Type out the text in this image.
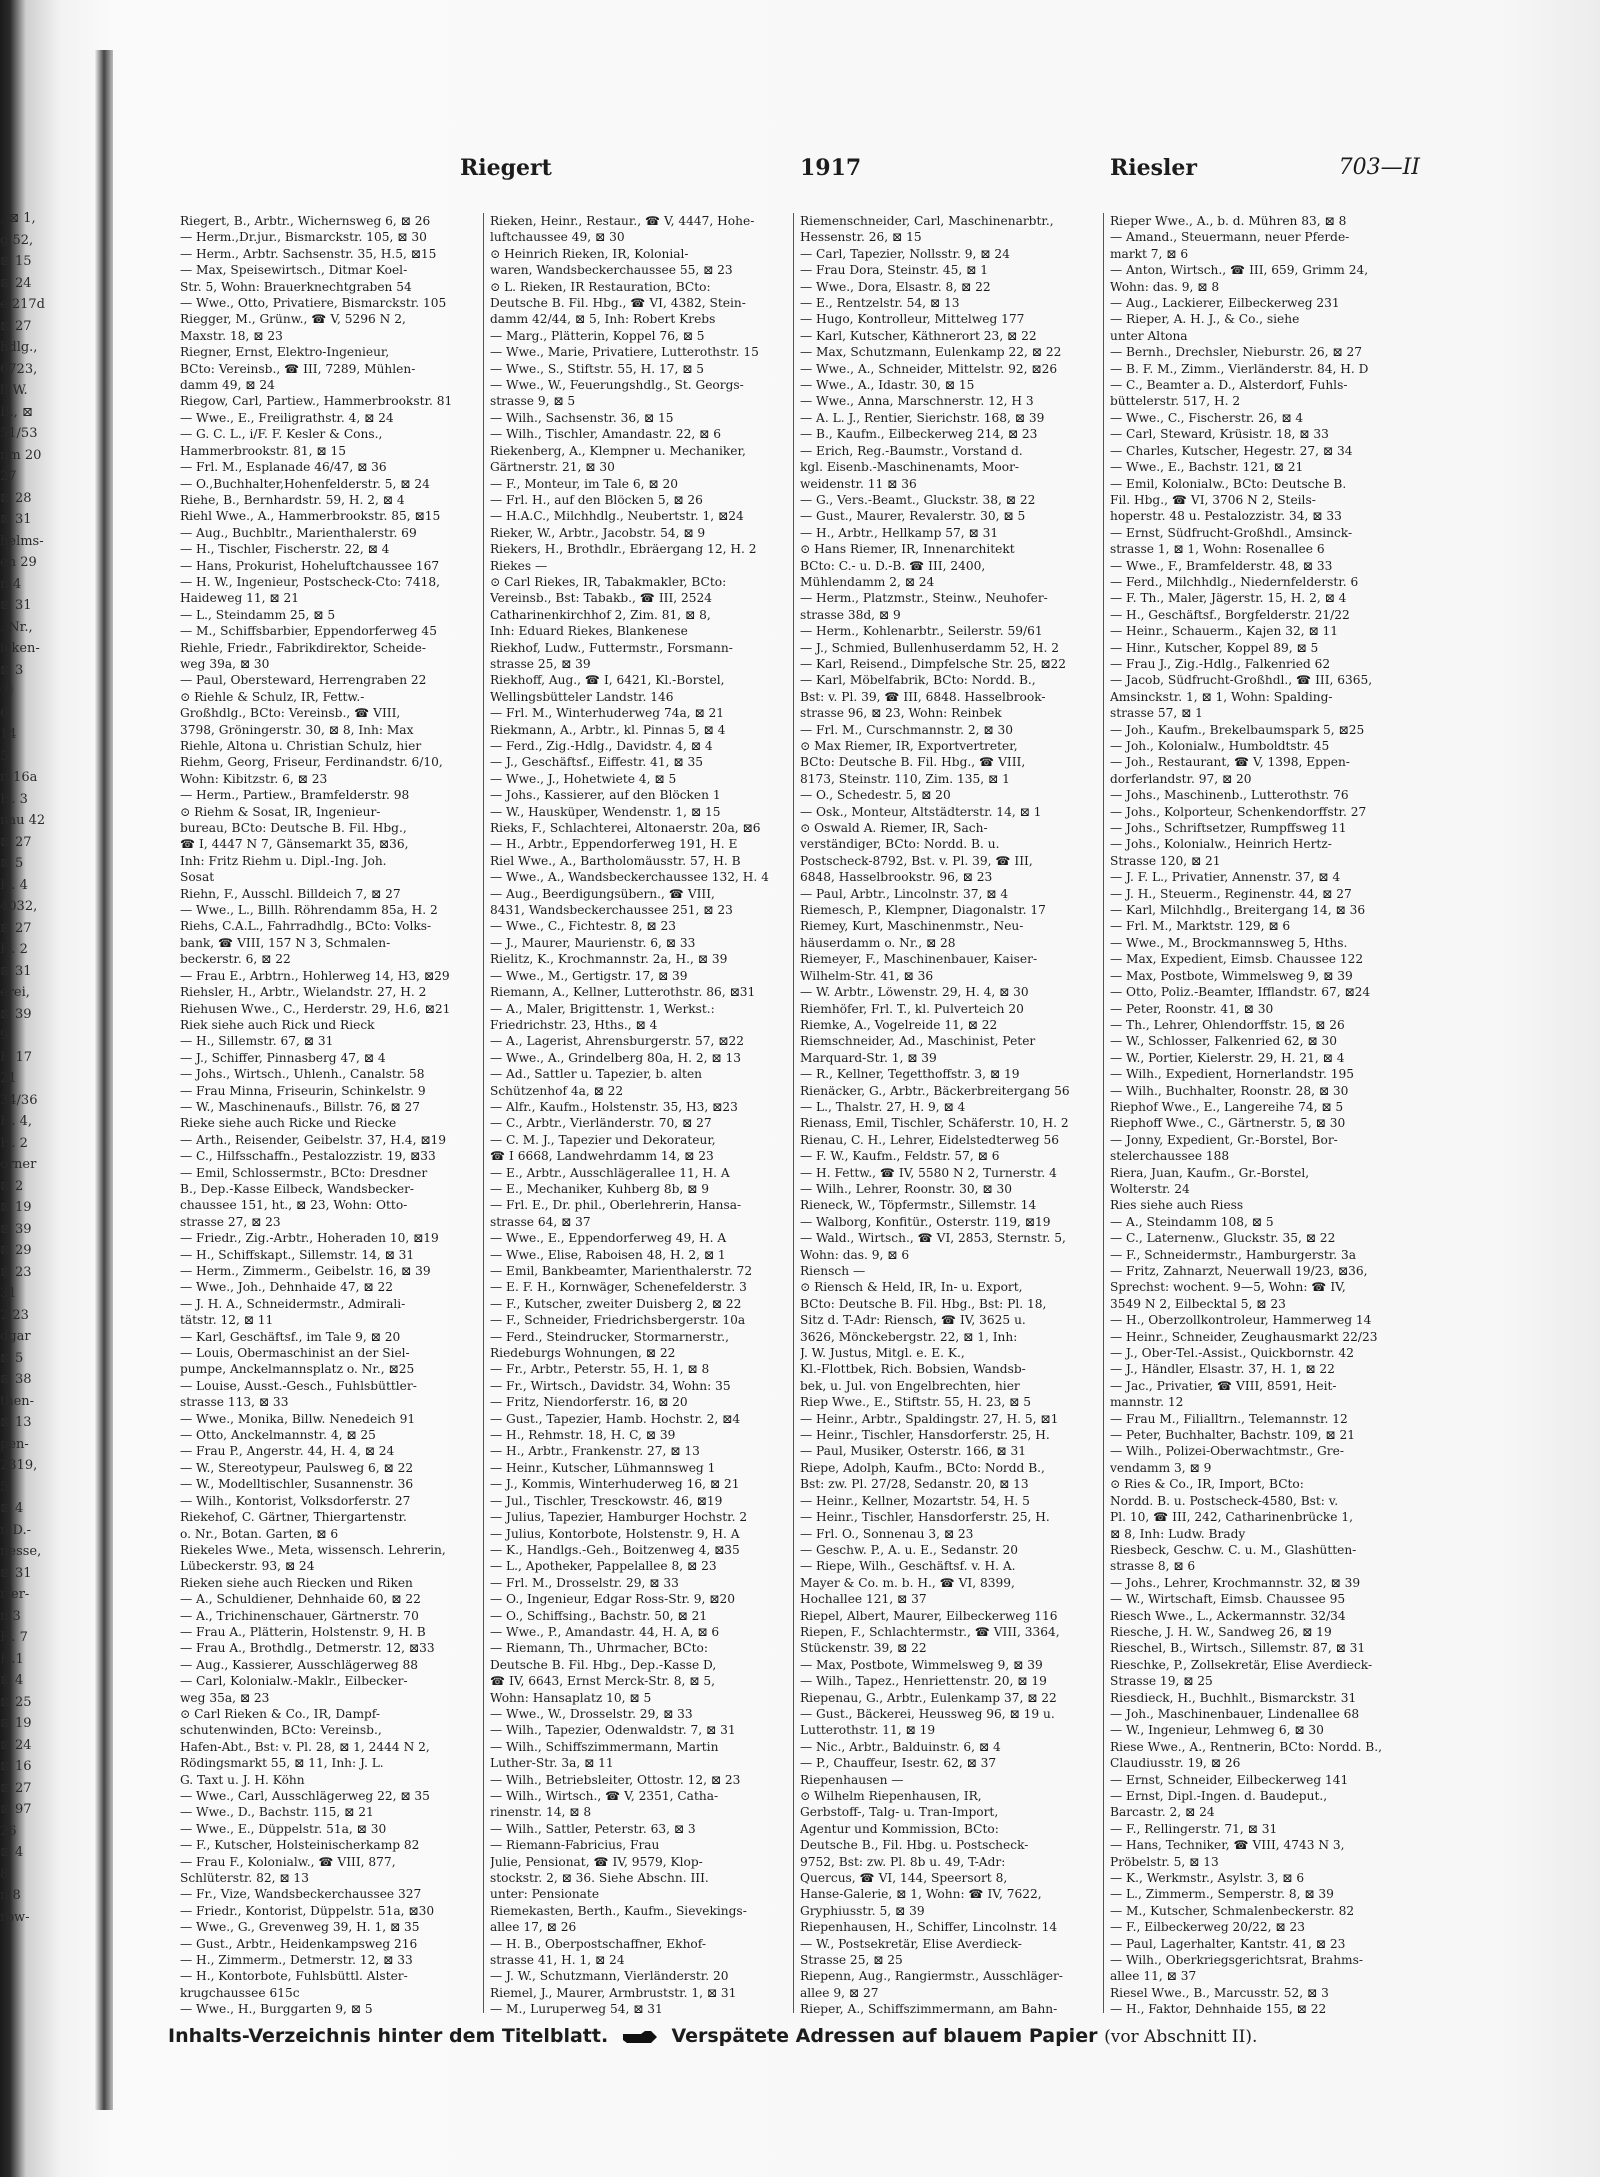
, ⊠ 1,
g 52,
⊠ 15
⊠ 24
e 217d
⊠ 27
hdlg.,
6723,
ll W.
B., ⊠
51/53
nm 20
27
⊠ 28
⊠ 31
helms-
en 29
r. 4
⊠ 31
. Nr.,
icken-
⊠ 3
ⓔ
6
14
5
r. 16a
H. 3
nau 42
⊠ 27
⊠ 5
H. 4
4032,
⊠ 27
H. 2
⊠ 31
erei,
⊠ 39
9
H 17
21
34/36
H. 4,
H. 2
orner
⊠ 2
⊠ 19
⊠ 39
⊠ 29
⊠ 23
31
2 23
dgar
⊠ 5
⊠ 38
then-
⊠ 13
pen-
2319,
5
⊠ 4
n D.-
nesse,
⊠ 31
rfer-
n 3
H. 7
H.1
⊠ 4
⊠ 25
⊠ 19
⊠ 24
⊠ 16
⊠ 27
⊠ 97
26
⊠ 4
8
n 8
row-
Riegert	1917	Riesler	703—II
Riegert, B., Arbtr., Wichernsweg 6, ⊠ 26
— Herm.,Dr.jur., Bismarckstr. 105, ⊠ 30
— Herm., Arbtr. Sachsenstr. 35, H.5, ⊠15
— Max, Speisewirtsch., Ditmar Koel-
Str. 5, Wohn: Brauerknechtgraben 54
— Wwe., Otto, Privatiere, Bismarckstr. 105
Riegger, M., Grünw., ☎ V, 5296 N 2,
Maxstr. 18, ⊠ 23
Riegner, Ernst, Elektro-Ingenieur,
BCto: Vereinsb., ☎ III, 7289, Mühlen-
damm 49, ⊠ 24
Riegow, Carl, Partiew., Hammerbrookstr. 81
— Wwe., E., Freiligrathstr. 4, ⊠ 24
— G. C. L., i/F. F. Kesler & Cons.,
Hammerbrookstr. 81, ⊠ 15
— Frl. M., Esplanade 46/47, ⊠ 36
— O.,Buchhalter,Hohenfelderstr. 5, ⊠ 24
Riehe, B., Bernhardstr. 59, H. 2, ⊠ 4
Riehl Wwe., A., Hammerbrookstr. 85, ⊠15
— Aug., Buchbltr., Marienthalerstr. 69
— H., Tischler, Fischerstr. 22, ⊠ 4
— Hans, Prokurist, Hoheluftchaussee 167
— H. W., Ingenieur, Postscheck-Cto: 7418,
Haideweg 11, ⊠ 21
— L., Steindamm 25, ⊠ 5
— M., Schiffsbarbier, Eppendorferweg 45
Riehle, Friedr., Fabrikdirektor, Scheide-
weg 39a, ⊠ 30
— Paul, Obersteward, Herrengraben 22
⊙ Riehle & Schulz, IR, Fettw.-
Großhdlg., BCto: Vereinsb., ☎ VIII,
3798, Gröningerstr. 30, ⊠ 8, Inh: Max
Riehle, Altona u. Christian Schulz, hier
Riehm, Georg, Friseur, Ferdinandstr. 6/10,
Wohn: Kibitzstr. 6, ⊠ 23
— Herm., Partiew., Bramfelderstr. 98
⊙ Riehm & Sosat, IR, Ingenieur-
bureau, BCto: Deutsche B. Fil. Hbg.,
☎ I, 4447 N 7, Gänsemarkt 35, ⊠36,
Inh: Fritz Riehm u. Dipl.-Ing. Joh.
Sosat
Riehn, F., Ausschl. Billdeich 7, ⊠ 27
— Wwe., L., Billh. Röhrendamm 85a, H. 2
Riehs, C.A.L., Fahrradhdlg., BCto: Volks-
bank, ☎ VIII, 157 N 3, Schmalen-
beckerstr. 6, ⊠ 22
— Frau E., Arbtrn., Hohlerweg 14, H3, ⊠29
Riehsler, H., Arbtr., Wielandstr. 27, H. 2
Riehusen Wwe., C., Herderstr. 29, H.6, ⊠21
Riek siehe auch Rick und Rieck
— H., Sillemstr. 67, ⊠ 31
— J., Schiffer, Pinnasberg 47, ⊠ 4
— Johs., Wirtsch., Uhlenh., Canalstr. 58
— Frau Minna, Friseurin, Schinkelstr. 9
— W., Maschinenaufs., Billstr. 76, ⊠ 27
Rieke siehe auch Ricke und Riecke
— Arth., Reisender, Geibelstr. 37, H.4, ⊠19
— C., Hilfsschaffn., Pestalozzistr. 19, ⊠33
— Emil, Schlossermstr., BCto: Dresdner
B., Dep.-Kasse Eilbeck, Wandsbecker-
chaussee 151, ht., ⊠ 23, Wohn: Otto-
strasse 27, ⊠ 23
— Friedr., Zig.-Arbtr., Hoheraden 10, ⊠19
— H., Schiffskapt., Sillemstr. 14, ⊠ 31
— Herm., Zimmerm., Geibelstr. 16, ⊠ 39
— Wwe., Joh., Dehnhaide 47, ⊠ 22
— J. H. A., Schneidermstr., Admirali-
tätstr. 12, ⊠ 11
— Karl, Geschäftsf., im Tale 9, ⊠ 20
— Louis, Obermaschinist an der Siel-
pumpe, Anckelmannsplatz o. Nr., ⊠25
— Louise, Ausst.-Gesch., Fuhlsbüttler-
strasse 113, ⊠ 33
— Wwe., Monika, Billw. Nenedeich 91
— Otto, Anckelmannstr. 4, ⊠ 25
— Frau P., Angerstr. 44, H. 4, ⊠ 24
— W., Stereotypeur, Paulsweg 6, ⊠ 22
— W., Modelltischler, Susannenstr. 36
— Wilh., Kontorist, Volksdorferstr. 27
Riekehof, C. Gärtner, Thiergartenstr.
o. Nr., Botan. Garten, ⊠ 6
Riekeles Wwe., Meta, wissensch. Lehrerin,
Lübeckerstr. 93, ⊠ 24
Rieken siehe auch Riecken und Riken
— A., Schuldiener, Dehnhaide 60, ⊠ 22
— A., Trichinenschauer, Gärtnerstr. 70
— Frau A., Plätterin, Holstenstr. 9, H. B
— Frau A., Brothdlg., Detmerstr. 12, ⊠33
— Aug., Kassierer, Ausschlägerweg 88
— Carl, Kolonialw.-Maklr., Eilbecker-
weg 35a, ⊠ 23
⊙ Carl Rieken & Co., IR, Dampf-
schutenwinden, BCto: Vereinsb.,
Hafen-Abt., Bst: v. Pl. 28, ⊠ 1, 2444 N 2,
Rödingsmarkt 55, ⊠ 11, Inh: J. L.
G. Taxt u. J. H. Köhn
— Wwe., Carl, Ausschlägerweg 22, ⊠ 35
— Wwe., D., Bachstr. 115, ⊠ 21
— Wwe., E., Düppelstr. 51a, ⊠ 30
— F., Kutscher, Holsteinischerkamp 82
— Frau F., Kolonialw., ☎ VIII, 877,
Schlüterstr. 82, ⊠ 13
— Fr., Vize, Wandsbeckerchaussee 327
— Friedr., Kontorist, Düppelstr. 51a, ⊠30
— Wwe., G., Grevenweg 39, H. 1, ⊠ 35
— Gust., Arbtr., Heidenkampsweg 216
— H., Zimmerm., Detmerstr. 12, ⊠ 33
— H., Kontorbote, Fuhlsbüttl. Alster-
krugchaussee 615c
— Wwe., H., Burggarten 9, ⊠ 5
Rieken, Heinr., Restaur., ☎ V, 4447, Hohe-
luftchaussee 49, ⊠ 30
⊙ Heinrich Rieken, IR, Kolonial-
waren, Wandsbeckerchaussee 55, ⊠ 23
⊙ L. Rieken, IR Restauration, BCto:
Deutsche B. Fil. Hbg., ☎ VI, 4382, Stein-
damm 42/44, ⊠ 5, Inh: Robert Krebs
— Marg., Plätterin, Koppel 76, ⊠ 5
— Wwe., Marie, Privatiere, Lutterothstr. 15
— Wwe., S., Stiftstr. 55, H. 17, ⊠ 5
— Wwe., W., Feuerungshdlg., St. Georgs-
strasse 9, ⊠ 5
— Wilh., Sachsenstr. 36, ⊠ 15
— Wilh., Tischler, Amandastr. 22, ⊠ 6
Riekenberg, A., Klempner u. Mechaniker,
Gärtnerstr. 21, ⊠ 30
— F., Monteur, im Tale 6, ⊠ 20
— Frl. H., auf den Blöcken 5, ⊠ 26
— H.A.C., Milchhdlg., Neubertstr. 1, ⊠24
Rieker, W., Arbtr., Jacobstr. 54, ⊠ 9
Riekers, H., Brothdlr., Ebräergang 12, H. 2
Riekes —
⊙ Carl Riekes, IR, Tabakmakler, BCto:
Vereinsb., Bst: Tabakb., ☎ III, 2524
Catharinenkirchhof 2, Zim. 81, ⊠ 8,
Inh: Eduard Riekes, Blankenese
Riekhof, Ludw., Futtermstr., Forsmann-
strasse 25, ⊠ 39
Riekhoff, Aug., ☎ I, 6421, Kl.-Borstel,
Wellingsbütteler Landstr. 146
— Frl. M., Winterhuderweg 74a, ⊠ 21
Riekmann, A., Arbtr., kl. Pinnas 5, ⊠ 4
— Ferd., Zig.-Hdlg., Davidstr. 4, ⊠ 4
— J., Geschäftsf., Eiffestr. 41, ⊠ 35
— Wwe., J., Hohetwiete 4, ⊠ 5
— Johs., Kassierer, auf den Blöcken 1
— W., Hausküper, Wendenstr. 1, ⊠ 15
Rieks, F., Schlachterei, Altonaerstr. 20a, ⊠6
— H., Arbtr., Eppendorferweg 191, H. E
Riel Wwe., A., Bartholomäusstr. 57, H. B
— Wwe., A., Wandsbeckerchaussee 132, H. 4
— Aug., Beerdigungsübern., ☎ VIII,
8431, Wandsbeckerchaussee 251, ⊠ 23
— Wwe., C., Fichtestr. 8, ⊠ 23
— J., Maurer, Maurienstr. 6, ⊠ 33
Rielitz, K., Krochmannstr. 2a, H., ⊠ 39
— Wwe., M., Gertigstr. 17, ⊠ 39
Riemann, A., Kellner, Lutterothstr. 86, ⊠31
— A., Maler, Brigittenstr. 1, Werkst.:
Friedrichstr. 23, Hths., ⊠ 4
— A., Lagerist, Ahrensburgerstr. 57, ⊠22
— Wwe., A., Grindelberg 80a, H. 2, ⊠ 13
— Ad., Sattler u. Tapezier, b. alten
Schützenhof 4a, ⊠ 22
— Alfr., Kaufm., Holstenstr. 35, H3, ⊠23
— C., Arbtr., Vierländerstr. 70, ⊠ 27
— C. M. J., Tapezier und Dekorateur,
☎ I 6668, Landwehrdamm 14, ⊠ 23
— E., Arbtr., Ausschlägerallee 11, H. A
— E., Mechaniker, Kuhberg 8b, ⊠ 9
— Frl. E., Dr. phil., Oberlehrerin, Hansa-
strasse 64, ⊠ 37
— Wwe., E., Eppendorferweg 49, H. A
— Wwe., Elise, Raboisen 48, H. 2, ⊠ 1
— Emil, Bankbeamter, Marienthalerstr. 72
— E. F. H., Kornwäger, Schenefelderstr. 3
— F., Kutscher, zweiter Duisberg 2, ⊠ 22
— F., Schneider, Friedrichsbergerstr. 10a
— Ferd., Steindrucker, Stormarnerstr.,
Riedeburgs Wohnungen, ⊠ 22
— Fr., Arbtr., Peterstr. 55, H. 1, ⊠ 8
— Fr., Wirtsch., Davidstr. 34, Wohn: 35
— Fritz, Niendorferstr. 16, ⊠ 20
— Gust., Tapezier, Hamb. Hochstr. 2, ⊠4
— H., Rehmstr. 18, H. C, ⊠ 39
— H., Arbtr., Frankenstr. 27, ⊠ 13
— Heinr., Kutscher, Lühmannsweg 1
— J., Kommis, Winterhuderweg 16, ⊠ 21
— Jul., Tischler, Tresckowstr. 46, ⊠19
— Julius, Tapezier, Hamburger Hochstr. 2
— Julius, Kontorbote, Holstenstr. 9, H. A
— K., Handlgs.-Geh., Boitzenweg 4, ⊠35
— L., Apotheker, Pappelallee 8, ⊠ 23
— Frl. M., Drosselstr. 29, ⊠ 33
— O., Ingenieur, Edgar Ross-Str. 9, ⊠20
— O., Schiffsing., Bachstr. 50, ⊠ 21
— Wwe., P., Amandastr. 44, H. A, ⊠ 6
— Riemann, Th., Uhrmacher, BCto:
Deutsche B. Fil. Hbg., Dep.-Kasse D,
☎ IV, 6643, Ernst Merck-Str. 8, ⊠ 5,
Wohn: Hansaplatz 10, ⊠ 5
— Wwe., W., Drosselstr. 29, ⊠ 33
— Wilh., Tapezier, Odenwaldstr. 7, ⊠ 31
— Wilh., Schiffszimmermann, Martin
Luther-Str. 3a, ⊠ 11
— Wilh., Betriebsleiter, Ottostr. 12, ⊠ 23
— Wilh., Wirtsch., ☎ V, 2351, Catha-
rinenstr. 14, ⊠ 8
— Wilh., Sattler, Peterstr. 63, ⊠ 3
— Riemann-Fabricius, Frau
Julie, Pensionat, ☎ IV, 9579, Klop-
stockstr. 2, ⊠ 36. Siehe Abschn. III.
unter: Pensionate
Riemekasten, Berth., Kaufm., Sievekings-
allee 17, ⊠ 26
— H. B., Oberpostschaffner, Ekhof-
strasse 41, H. 1, ⊠ 24
— J. W., Schutzmann, Vierländerstr. 20
Riemel, J., Maurer, Armbruststr. 1, ⊠ 31
— M., Luruperweg 54, ⊠ 31
Riemenschneider, Carl, Maschinenarbtr.,
Hessenstr. 26, ⊠ 15
— Carl, Tapezier, Nollsstr. 9, ⊠ 24
— Frau Dora, Steinstr. 45, ⊠ 1
— Wwe., Dora, Elsastr. 8, ⊠ 22
— E., Rentzelstr. 54, ⊠ 13
— Hugo, Kontrolleur, Mittelweg 177
— Karl, Kutscher, Käthnerort 23, ⊠ 22
— Max, Schutzmann, Eulenkamp 22, ⊠ 22
— Wwe., A., Schneider, Mittelstr. 92, ⊠26
— Wwe., A., Idastr. 30, ⊠ 15
— Wwe., Anna, Marschnerstr. 12, H 3
— A. L. J., Rentier, Sierichstr. 168, ⊠ 39
— B., Kaufm., Eilbeckerweg 214, ⊠ 23
— Erich, Reg.-Baumstr., Vorstand d.
kgl. Eisenb.-Maschinenamts, Moor-
weidenstr. 11 ⊠ 36
— G., Vers.-Beamt., Gluckstr. 38, ⊠ 22
— Gust., Maurer, Revalerstr. 30, ⊠ 5
— H., Arbtr., Hellkamp 57, ⊠ 31
⊙ Hans Riemer, IR, Innenarchitekt
BCto: C.- u. D.-B. ☎ III, 2400,
Mühlendamm 2, ⊠ 24
— Herm., Platzmstr., Steinw., Neuhofer-
strasse 38d, ⊠ 9
— Herm., Kohlenarbtr., Seilerstr. 59/61
— J., Schmied, Bullenhuserdamm 52, H. 2
— Karl, Reisend., Dimpfelsche Str. 25, ⊠22
— Karl, Möbelfabrik, BCto: Nordd. B.,
Bst: v. Pl. 39, ☎ III, 6848. Hasselbrook-
strasse 96, ⊠ 23, Wohn: Reinbek
— Frl. M., Curschmannstr. 2, ⊠ 30
⊙ Max Riemer, IR, Exportvertreter,
BCto: Deutsche B. Fil. Hbg., ☎ VIII,
8173, Steinstr. 110, Zim. 135, ⊠ 1
— O., Schedestr. 5, ⊠ 20
— Osk., Monteur, Altstädterstr. 14, ⊠ 1
⊙ Oswald A. Riemer, IR, Sach-
verständiger, BCto: Nordd. B. u.
Postscheck-8792, Bst. v. Pl. 39, ☎ III,
6848, Hasselbrookstr. 96, ⊠ 23
— Paul, Arbtr., Lincolnstr. 37, ⊠ 4
Riemesch, P., Klempner, Diagonalstr. 17
Riemey, Kurt, Maschinenmstr., Neu-
häuserdamm o. Nr., ⊠ 28
Riemeyer, F., Maschinenbauer, Kaiser-
Wilhelm-Str. 41, ⊠ 36
— W. Arbtr., Löwenstr. 29, H. 4, ⊠ 30
Riemhöfer, Frl. T., kl. Pulverteich 20
Riemke, A., Vogelreide 11, ⊠ 22
Riemschneider, Ad., Maschinist, Peter
Marquard-Str. 1, ⊠ 39
— R., Kellner, Tegetthoffstr. 3, ⊠ 19
Rienäcker, G., Arbtr., Bäckerbreitergang 56
— L., Thalstr. 27, H. 9, ⊠ 4
Rienass, Emil, Tischler, Schäferstr. 10, H. 2
Rienau, C. H., Lehrer, Eidelstedterweg 56
— F. W., Kaufm., Feldstr. 57, ⊠ 6
— H. Fettw., ☎ IV, 5580 N 2, Turnerstr. 4
— Wilh., Lehrer, Roonstr. 30, ⊠ 30
Rieneck, W., Töpfermstr., Sillemstr. 14
— Walborg, Konfitür., Osterstr. 119, ⊠19
— Wald., Wirtsch., ☎ VI, 2853, Sternstr. 5,
Wohn: das. 9, ⊠ 6
Riensch —
⊙ Riensch & Held, IR, In- u. Export,
BCto: Deutsche B. Fil. Hbg., Bst: Pl. 18,
Sitz d. T-Adr: Riensch, ☎ IV, 3625 u.
3626, Mönckebergstr. 22, ⊠ 1, Inh:
J. W. Justus, Mitgl. e. E. K.,
Kl.-Flottbek, Rich. Bobsien, Wandsb-
bek, u. Jul. von Engelbrechten, hier
Riep Wwe., E., Stiftstr. 55, H. 23, ⊠ 5
— Heinr., Arbtr., Spaldingstr. 27, H. 5, ⊠1
— Heinr., Tischler, Hansdorferstr. 25, H.
— Paul, Musiker, Osterstr. 166, ⊠ 31
Riepe, Adolph, Kaufm., BCto: Nordd B.,
Bst: zw. Pl. 27/28, Sedanstr. 20, ⊠ 13
— Heinr., Kellner, Mozartstr. 54, H. 5
— Heinr., Tischler, Hansdorferstr. 25, H.
— Frl. O., Sonnenau 3, ⊠ 23
— Geschw. P., A. u. E., Sedanstr. 20
— Riepe, Wilh., Geschäftsf. v. H. A.
Mayer & Co. m. b. H., ☎ VI, 8399,
Hochallee 121, ⊠ 37
Riepel, Albert, Maurer, Eilbeckerweg 116
Riepen, F., Schlachtermstr., ☎ VIII, 3364,
Stückenstr. 39, ⊠ 22
— Max, Postbote, Wimmelsweg 9, ⊠ 39
— Wilh., Tapez., Henriettenstr. 20, ⊠ 19
Riepenau, G., Arbtr., Eulenkamp 37, ⊠ 22
— Gust., Bäckerei, Heussweg 96, ⊠ 19 u.
Lutterothstr. 11, ⊠ 19
— Nic., Arbtr., Balduinstr. 6, ⊠ 4
— P., Chauffeur, Isestr. 62, ⊠ 37
Riepenhausen —
⊙ Wilhelm Riepenhausen, IR,
Gerbstoff-, Talg- u. Tran-Import,
Agentur und Kommission, BCto:
Deutsche B., Fil. Hbg. u. Postscheck-
9752, Bst: zw. Pl. 8b u. 49, T-Adr:
Quercus, ☎ VI, 144, Speersort 8,
Hanse-Galerie, ⊠ 1, Wohn: ☎ IV, 7622,
Gryphiusstr. 5, ⊠ 39
Riepenhausen, H., Schiffer, Lincolnstr. 14
— W., Postsekretär, Elise Averdieck-
Strasse 25, ⊠ 25
Riepenn, Aug., Rangiermstr., Ausschläger-
allee 9, ⊠ 27
Rieper, A., Schiffszimmermann, am Bahn-
Rieper Wwe., A., b. d. Mühren 83, ⊠ 8
— Amand., Steuermann, neuer Pferde-
markt 7, ⊠ 6
— Anton, Wirtsch., ☎ III, 659, Grimm 24,
Wohn: das. 9, ⊠ 8
— Aug., Lackierer, Eilbeckerweg 231
— Rieper, A. H. J., & Co., siehe
unter Altona
— Bernh., Drechsler, Nieburstr. 26, ⊠ 27
— B. F. M., Zimm., Vierländerstr. 84, H. D
— C., Beamter a. D., Alsterdorf, Fuhls-
büttelerstr. 517, H. 2
— Wwe., C., Fischerstr. 26, ⊠ 4
— Carl, Steward, Krüsistr. 18, ⊠ 33
— Charles, Kutscher, Hegestr. 27, ⊠ 34
— Wwe., E., Bachstr. 121, ⊠ 21
— Emil, Kolonialw., BCto: Deutsche B.
Fil. Hbg., ☎ VI, 3706 N 2, Steils-
hoperstr. 48 u. Pestalozzistr. 34, ⊠ 33
— Ernst, Südfrucht-Großhdl., Amsinck-
strasse 1, ⊠ 1, Wohn: Rosenallee 6
— Wwe., F., Bramfelderstr. 48, ⊠ 33
— Ferd., Milchhdlg., Niedernfelderstr. 6
— F. Th., Maler, Jägerstr. 15, H. 2, ⊠ 4
— H., Geschäftsf., Borgfelderstr. 21/22
— Heinr., Schauerm., Kajen 32, ⊠ 11
— Hinr., Kutscher, Koppel 89, ⊠ 5
— Frau J., Zig.-Hdlg., Falkenried 62
— Jacob, Südfrucht-Großhdl., ☎ III, 6365,
Amsinckstr. 1, ⊠ 1, Wohn: Spalding-
strasse 57, ⊠ 1
— Joh., Kaufm., Brekelbaumspark 5, ⊠25
— Joh., Kolonialw., Humboldtstr. 45
— Joh., Restaurant, ☎ V, 1398, Eppen-
dorferlandstr. 97, ⊠ 20
— Johs., Maschinenb., Lutterothstr. 76
— Johs., Kolporteur, Schenkendorffstr. 27
— Johs., Schriftsetzer, Rumpffsweg 11
— Johs., Kolonialw., Heinrich Hertz-
Strasse 120, ⊠ 21
— J. F. L., Privatier, Annenstr. 37, ⊠ 4
— J. H., Steuerm., Reginenstr. 44, ⊠ 27
— Karl, Milchhdlg., Breitergang 14, ⊠ 36
— Frl. M., Marktstr. 129, ⊠ 6
— Wwe., M., Brockmannsweg 5, Hths.
— Max, Expedient, Eimsb. Chaussee 122
— Max, Postbote, Wimmelsweg 9, ⊠ 39
— Otto, Poliz.-Beamter, Ifflandstr. 67, ⊠24
— Peter, Roonstr. 41, ⊠ 30
— Th., Lehrer, Ohlendorffstr. 15, ⊠ 26
— W., Schlosser, Falkenried 62, ⊠ 30
— W., Portier, Kielerstr. 29, H. 21, ⊠ 4
— Wilh., Expedient, Hornerlandstr. 195
— Wilh., Buchhalter, Roonstr. 28, ⊠ 30
Riephof Wwe., E., Langereihe 74, ⊠ 5
Riephoff Wwe., C., Gärtnerstr. 5, ⊠ 30
— Jonny, Expedient, Gr.-Borstel, Bor-
stelerchaussee 188
Riera, Juan, Kaufm., Gr.-Borstel,
Wolterstr. 24
Ries siehe auch Riess
— A., Steindamm 108, ⊠ 5
— C., Laternenw., Gluckstr. 35, ⊠ 22
— F., Schneidermstr., Hamburgerstr. 3a
— Fritz, Zahnarzt, Neuerwall 19/23, ⊠36,
Sprechst: wochent. 9—5, Wohn: ☎ IV,
3549 N 2, Eilbecktal 5, ⊠ 23
— H., Oberzollkontroleur, Hammerweg 14
— Heinr., Schneider, Zeughausmarkt 22/23
— J., Ober-Tel.-Assist., Quickbornstr. 42
— J., Händler, Elsastr. 37, H. 1, ⊠ 22
— Jac., Privatier, ☎ VIII, 8591, Heit-
mannstr. 12
— Frau M., Filialltrn., Telemannstr. 12
— Peter, Buchhalter, Bachstr. 109, ⊠ 21
— Wilh., Polizei-Oberwachtmstr., Gre-
vendamm 3, ⊠ 9
⊙ Ries & Co., IR, Import, BCto:
Nordd. B. u. Postscheck-4580, Bst: v.
Pl. 10, ☎ III, 242, Catharinenbrücke 1,
⊠ 8, Inh: Ludw. Brady
Riesbeck, Geschw. C. u. M., Glashütten-
strasse 8, ⊠ 6
— Johs., Lehrer, Krochmannstr. 32, ⊠ 39
— W., Wirtschaft, Eimsb. Chaussee 95
Riesch Wwe., L., Ackermannstr. 32/34
Riesche, J. H. W., Sandweg 26, ⊠ 19
Rieschel, B., Wirtsch., Sillemstr. 87, ⊠ 31
Rieschke, P., Zollsekretär, Elise Averdieck-
Strasse 19, ⊠ 25
Riesdieck, H., Buchhlt., Bismarckstr. 31
— Joh., Maschinenbauer, Lindenallee 68
— W., Ingenieur, Lehmweg 6, ⊠ 30
Riese Wwe., A., Rentnerin, BCto: Nordd. B.,
Claudiusstr. 19, ⊠ 26
— Ernst, Schneider, Eilbeckerweg 141
— Ernst, Dipl.-Ingen. d. Baudeput.,
Barcastr. 2, ⊠ 24
— F., Rellingerstr. 71, ⊠ 31
— Hans, Techniker, ☎ VIII, 4743 N 3,
Pröbelstr. 5, ⊠ 13
— K., Werkmstr., Asylstr. 3, ⊠ 6
— L., Zimmerm., Semperstr. 8, ⊠ 39
— M., Kutscher, Schmalenbeckerstr. 82
— F., Eilbeckerweg 20/22, ⊠ 23
— Paul, Lagerhalter, Kantstr. 41, ⊠ 23
— Wilh., Oberkriegsgerichtsrat, Brahms-
allee 11, ⊠ 37
Riesel Wwe., B., Marcusstr. 52, ⊠ 3
— H., Faktor, Dehnhaide 155, ⊠ 22
Inhalts-Verzeichnis hinter dem Titelblatt.	Verspätete Adressen auf blauem Papier (vor Abschnitt II).
